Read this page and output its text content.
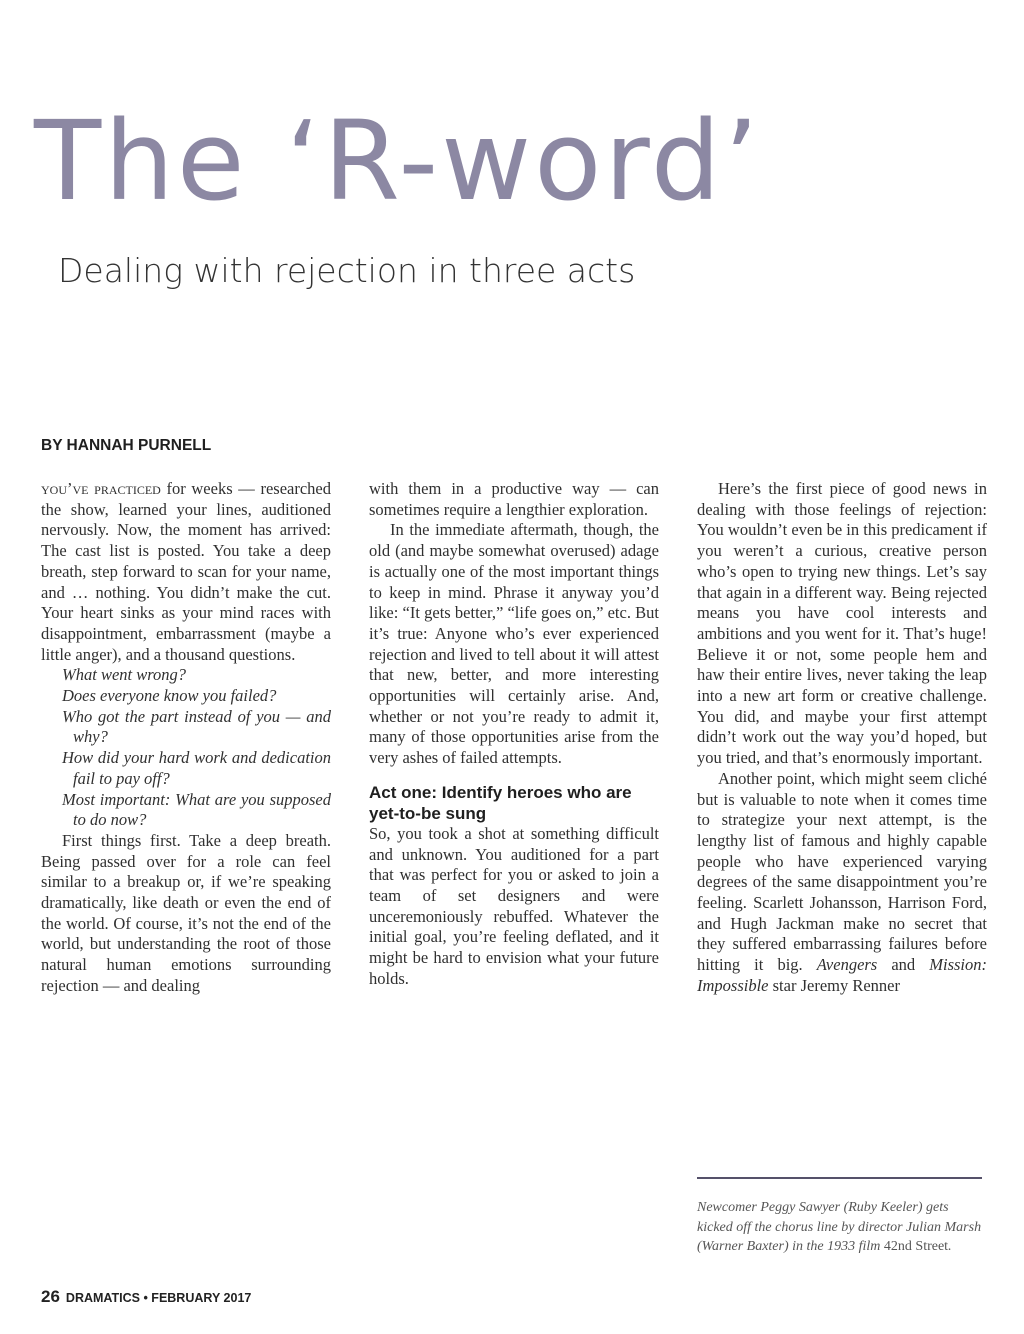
The ‘R-word’
Dealing with rejection in three acts
BY HANNAH PURNELL

you’ve practiced for weeks — researched the show, learned your lines, auditioned nervously. Now, the moment has arrived: The cast list is posted. You take a deep breath, step forward to scan for your name, and … nothing. You didn’t make the cut. Your heart sinks as your mind races with disappointment, embarrassment (maybe a little anger), and a thousand questions.

What went wrong?

Does everyone know you failed?

Who got the part instead of you — and why?

How did your hard work and dedication fail to pay off?

Most important: What are you supposed to do now?

First things first. Take a deep breath. Being passed over for a role can feel similar to a breakup or, if we’re speaking dramatically, like death or even the end of the world. Of course, it’s not the end of the world, but understanding the root of those natural human emotions surrounding rejection — and dealing

with them in a productive way — can sometimes require a lengthier exploration.

In the immediate aftermath, though, the old (and maybe somewhat overused) adage is actually one of the most important things to keep in mind. Phrase it anyway you’d like: “It gets better,” “life goes on,” etc. But it’s true: Anyone who’s ever experienced rejection and lived to tell about it will attest that new, better, and more interesting opportunities will certainly arise. And, whether or not you’re ready to admit it, many of those opportunities arise from the very ashes of failed attempts.

Act one: Identify heroes who are yet-to-be sung

So, you took a shot at something difficult and unknown. You auditioned for a part that was perfect for you or asked to join a team of set designers and were unceremoniously rebuffed. Whatever the initial goal, you’re feeling deflated, and it might be hard to envision what your future holds.

Here’s the first piece of good news in dealing with those feelings of rejection: You wouldn’t even be in this predicament if you weren’t a curious, creative person who’s open to trying new things. Let’s say that again in a different way. Being rejected means you have cool interests and ambitions and you went for it. That’s huge! Believe it or not, some people hem and haw their entire lives, never taking the leap into a new art form or creative challenge. You did, and maybe your first attempt didn’t work out the way you’d hoped, but you tried, and that’s enormously important.

Another point, which might seem cliché but is valuable to note when it comes time to strategize your next attempt, is the lengthy list of famous and highly capable people who have experienced varying degrees of the same disappointment you’re feeling. Scarlett Johansson, Harrison Ford, and Hugh Jackman make no secret that they suffered embarrassing failures before hitting it big. Avengers and Mission: Impossible star Jeremy Renner

Newcomer Peggy Sawyer (Ruby Keeler) gets kicked off the chorus line by director Julian Marsh (Warner Baxter) in the 1933 film 42nd Street.
26 DRAMATICS • FEBRUARY 2017
